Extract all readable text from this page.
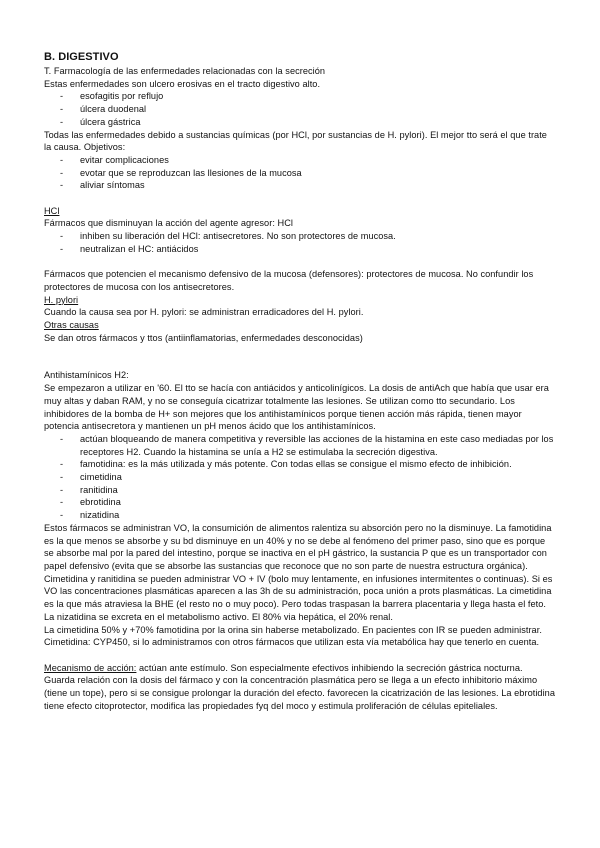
B. DIGESTIVO
T. Farmacología de las enfermedades relacionadas con la secreción
Estas enfermedades son ulcero erosivas en el tracto digestivo alto.
- esofagitis por reflujo
- úlcera duodenal
- úlcera gástrica

Todas las enfermedades debido a sustancias químicas (por HCl, por sustancias de H. pylori). El mejor tto será el que trate la causa. Objetivos:

- evitar complicaciones
- evotar que se reproduzcan las llesiones de la mucosa
- aliviar síntomas
HCl
Fármacos que disminuyan la acción del agente agresor: HCl
- inhiben su liberación del HCl: antisecretores. No son protectores de mucosa.
- neutralizan el HC: antiácidos

Fármacos que potencien el mecanismo defensivo de la mucosa (defensores): protectores de mucosa. No confundir los protectores de mucosa con los antisecretores.

H. pylori
Cuando la causa sea por H. pylori: se administran erradicadores del H. pylori.
Otras causas
Se dan otros fármacos y ttos (antiinflamatorias, enfermedades desconocidas)
Antihistamínicos H2:

Se empezaron a utilizar en '60. El tto se hacía con antiácidos y anticolinígicos. La dosis de antiAch que había que usar era muy altas y daban RAM, y no se conseguía cicatrizar totalmente las lesiones. Se utilizan como tto secundario. Los inhibidores de la bomba de H+ son mejores que los antihistamínicos porque tienen acción más rápida, tienen mayor potencia antisecretora y mantienen un pH menos ácido que los antihistamínicos.

- actúan bloqueando de manera competitiva y reversible las acciones de la histamina en este caso mediadas por los receptores H2. Cuando la histamina se unía a H2 se estimulaba la secreción digestiva.
- famotidina: es la más utilizada y más potente. Con todas ellas se consigue el mismo efecto de inhibición.
- cimetidina
- ranitidina
- ebrotidina
- nizatidina

Estos fármacos se administran VO, la consumición de alimentos ralentiza su absorción pero no la disminuye. La famotidina es la que menos se absorbe y su bd disminuye en un 40% y no se debe al fenómeno del primer paso, sino que es porque se absorbe mal por la pared del intestino, porque se inactiva en el pH gástrico, la sustancia P que es un transportador con papel defensivo (evita que se absorbe las sustancias que reconoce que no son parte de nuestra estructura orgánica). Cimetidina y ranitidina se pueden administrar VO + IV (bolo muy lentamente, en infusiones intermitentes o continuas). Si es VO las concentraciones plasmáticas aparecen a las 3h de su administración, poca unión a prots plasmáticas. La cimetidina es la que más atraviesa la BHE (el resto no o muy poco). Pero todas traspasan la barrera placentaria y llega hasta el feto. La nizatidina se excreta en el metabolismo activo. El 80% via hepática, el 20% renal.

La cimetidina 50% y +70% famotidina por la orina sin haberse metabolizado. En pacientes con IR se pueden administrar.

Cimetidina: CYP450, si lo administramos con otros fármacos que utilizan esta vía metabólica hay que tenerlo en cuenta.

Mecanismo de acción: actúan ante estímulo. Son especialmente efectivos inhibiendo la secreción gástrica nocturna. Guarda relación con la dosis del fármaco y con la concentración plasmática pero se llega a un efecto inhibitorio máximo (tiene un tope), pero si se consigue prolongar la duración del efecto. favorecen la cicatrización de las lesiones. La ebrotidina tiene efecto citoprotector, modifica las propiedades fyq del moco y estimula proliferación de células epiteliales.
